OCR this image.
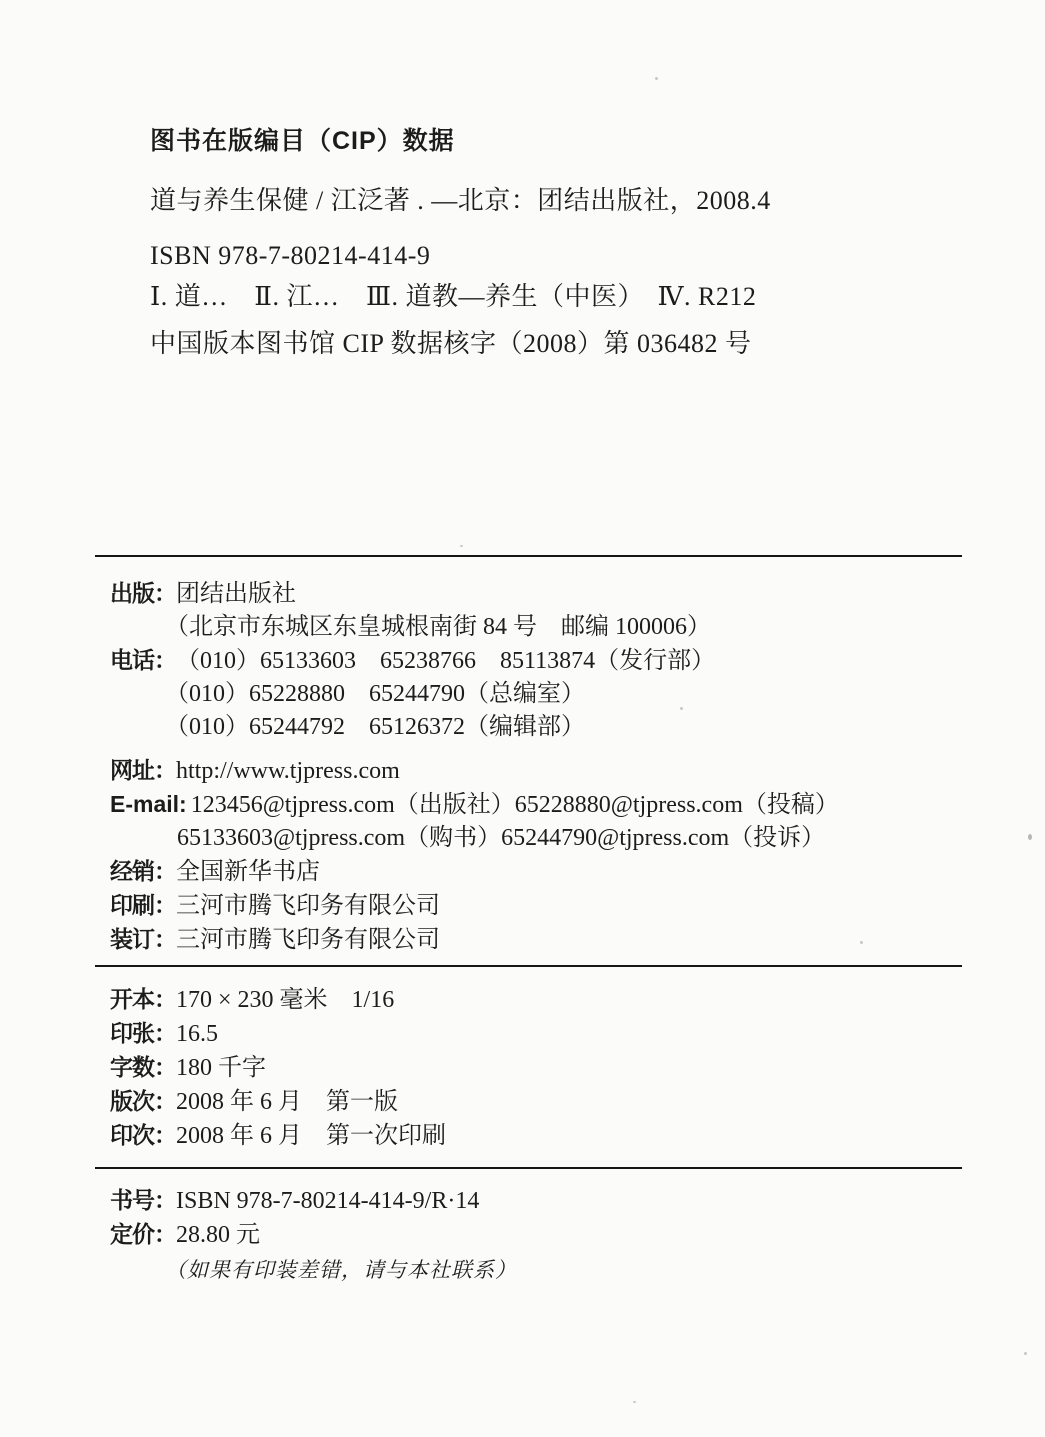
图书在版编目（CIP）数据
道与养生保健 / 江泛著 . —北京：团结出版社，2008.4
ISBN 978-7-80214-414-9
Ⅰ. 道…　Ⅱ. 江…　Ⅲ. 道教—养生（中医）　Ⅳ. R212
中国版本图书馆 CIP 数据核字（2008）第 036482 号
出版：团结出版社
（北京市东城区东皇城根南街 84 号　邮编 100006）
电话：（010）65133603　65238766　85113874（发行部）
（010）65228880　65244790（总编室）
（010）65244792　65126372（编辑部）
网址：http://www.tjpress.com
E-mail: 123456@tjpress.com（出版社）65228880@tjpress.com（投稿）
65133603@tjpress.com（购书）65244790@tjpress.com（投诉）
经销：全国新华书店
印刷：三河市腾飞印务有限公司
装订：三河市腾飞印务有限公司
开本：170 × 230 毫米　1/16
印张：16.5
字数：180 千字
版次：2008 年 6 月　第一版
印次：2008 年 6 月　第一次印刷
书号：ISBN 978-7-80214-414-9/R·14
定价：28.80 元
（如果有印装差错，请与本社联系）
